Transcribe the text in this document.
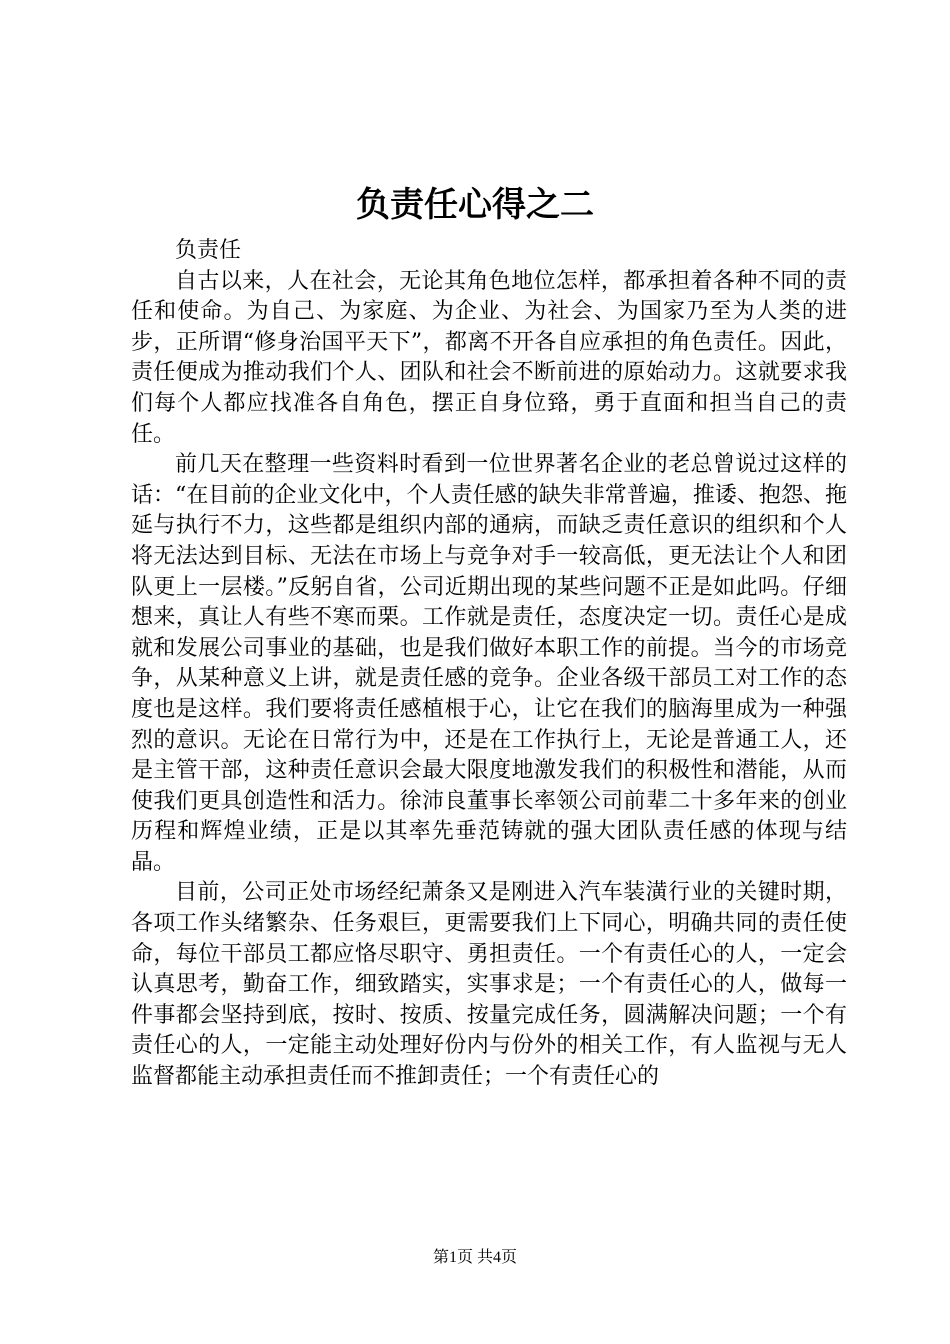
负责任心得之二

负责任

自古以来，人在社会，无论其角色地位怎样，都承担着各种不同的责任和使命。为自己、为家庭、为企业、为社会、为国家乃至为人类的进步，正所谓“修身治国平天下”，都离不开各自应承担的角色责任。因此，责任便成为推动我们个人、团队和社会不断前进的原始动力。这就要求我们每个人都应找准各自角色，摆正自身位臵，勇于直面和担当自己的责任。

前几天在整理一些资料时看到一位世界著名企业的老总曾说过这样的话：“在目前的企业文化中，个人责任感的缺失非常普遍，推诿、抱怨、拖延与执行不力，这些都是组织内部的通病，而缺乏责任意识的组织和个人将无法达到目标、无法在市场上与竞争对手一较高低，更无法让个人和团队更上一层楼。”反躬自省，公司近期出现的某些问题不正是如此吗。仔细想来，真让人有些不寒而栗。工作就是责任，态度决定一切。责任心是成就和发展公司事业的基础，也是我们做好本职工作的前提。当今的市场竞争，从某种意义上讲，就是责任感的竞争。企业各级干部员工对工作的态度也是这样。我们要将责任感植根于心，让它在我们的脑海里成为一种强烈的意识。无论在日常行为中，还是在工作执行上，无论是普通工人，还是主管干部，这种责任意识会最大限度地激发我们的积极性和潜能，从而使我们更具创造性和活力。徐沛良董事长率领公司前辈二十多年来的创业历程和辉煌业绩，正是以其率先垂范铸就的强大团队责任感的体现与结晶。

目前，公司正处市场经纪萧条又是刚进入汽车装潢行业的关键时期，各项工作头绪繁杂、任务艰巨，更需要我们上下同心，明确共同的责任使命，每位干部员工都应恪尽职守、勇担责任。一个有责任心的人，一定会认真思考，勤奋工作，细致踏实，实事求是；一个有责任心的人，做每一件事都会坚持到底，按时、按质、按量完成任务，圆满解决问题；一个有责任心的人，一定能主动处理好份内与份外的相关工作，有人监视与无人监督都能主动承担责任而不推卸责任；一个有责任心的

第1页 共4页
